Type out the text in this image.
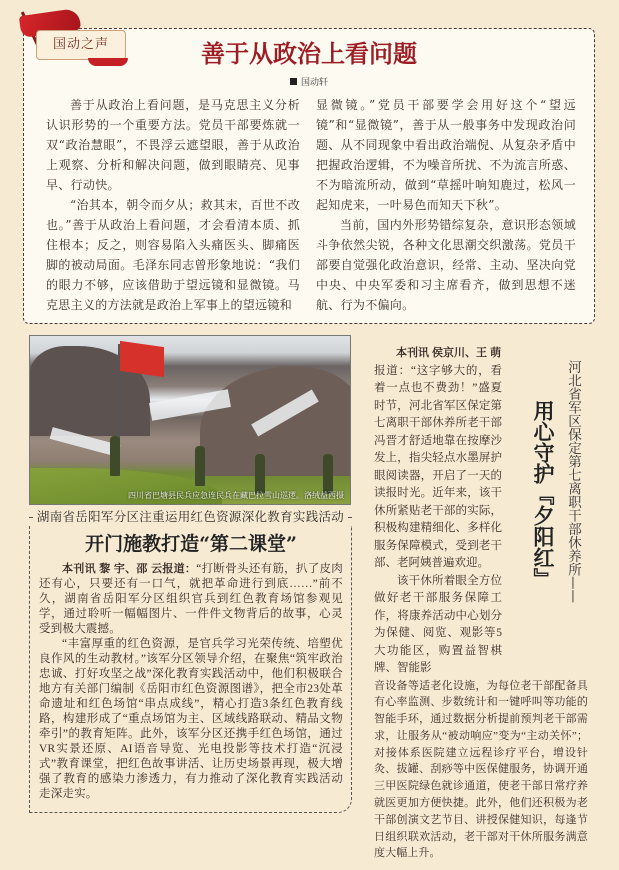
善于从政治上看问题
国动轩

善于从政治上看问题，是马克思主义分析认识形势的一个重要方法。党员干部要炼就一双“政治慧眼”，不畏浮云遮望眼，善于从政治上观察、分析和解决问题，做到眼睛亮、见事早、行动快。

“治其本，朝令而夕从；救其末，百世不改也。”善于从政治上看问题，才会看清本质、抓住根本；反之，则容易陷入头痛医头、脚痛医脚的被动局面。毛泽东同志曾形象地说：“我们的眼力不够，应该借助于望远镜和显微镜。马克思主义的方法就是政治上军事上的望远镜和

显微镜。”党员干部要学会用好这个“望远镜”和“显微镜”，善于从一般事务中发现政治问题、从不同现象中看出政治端倪、从复杂矛盾中把握政治逻辑，不为噪音所扰、不为流言所惑、不为暗流所动，做到“草摇叶响知鹿过，松风一起知虎来，一叶易色而知天下秋”。

当前，国内外形势错综复杂，意识形态领域斗争依然尖锐，各种文化思潮交织激荡。党员干部要自觉强化政治意识，经常、主动、坚决向党中央、中央军委和习主席看齐，做到思想不迷航、行为不偏向。

国动之声
四川省巴塘县民兵应急连民兵在藏巴拉雪山巡逻。洛绒益西摄
湖南省岳阳军分区注重运用红色资源深化教育实践活动
开门施教打造“第二课堂”

本刊讯 黎 宇、邵 云报道：“打断骨头还有筋，扒了皮肉还有心，只要还有一口气，就把革命进行到底……”前不久，湖南省岳阳军分区组织官兵到红色教育场馆参观见学，通过聆听一幅幅图片、一件件文物背后的故事，心灵受到极大震撼。

“丰富厚重的红色资源，是官兵学习光荣传统、培塑优良作风的生动教材。”该军分区领导介绍，在聚焦“筑牢政治忠诚、打好攻坚之战”深化教育实践活动中，他们积极联合地方有关部门编制《岳阳市红色资源图谱》，把全市23处革命遗址和红色场馆“串点成线”，精心打造3条红色教育线路，构建形成了“重点场馆为主、区域线路联动、精品文物牵引”的教育矩阵。此外，该军分区还携手红色场馆，通过VR实景还原、AI语音导览、光电投影等技术打造“沉浸式”教育课堂，把红色故事讲活、让历史场景再现，极大增强了教育的感染力渗透力，有力推动了深化教育实践活动走深走实。

本刊讯 侯京川、王 萌

报道：“这字够大的，看着一点也不费劲！”盛夏时节，河北省军区保定第七离职干部休养所老干部冯晋才舒适地靠在按摩沙发上，指尖轻点水墨屏护眼阅读器，开启了一天的读报时光。近年来，该干休所紧贴老干部的实际，积极构建精细化、多样化服务保障模式，受到老干部、老阿姨普遍欢迎。

该干休所着眼全方位做好老干部服务保障工作，将康养活动中心划分为保健、阅览、观影等5大功能区，购置益智棋牌、智能影

用心守护『夕阳红』 河北省军区保定第七离职干部休养所——
音设备等适老化设施，为每位老干部配备具有心率监测、步数统计和一键呼叫等功能的智能手环，通过数据分析提前预判老干部需求，让服务从“被动响应”变为“主动关怀”；对接体系医院建立远程诊疗平台，增设针灸、拔罐、刮痧等中医保健服务，协调开通三甲医院绿色就诊通道，使老干部日常疗养就医更加方便快捷。此外，他们还积极为老干部创演文艺节目、讲授保健知识，每逢节日组织联欢活动，老干部对干休所服务满意度大幅上升。
